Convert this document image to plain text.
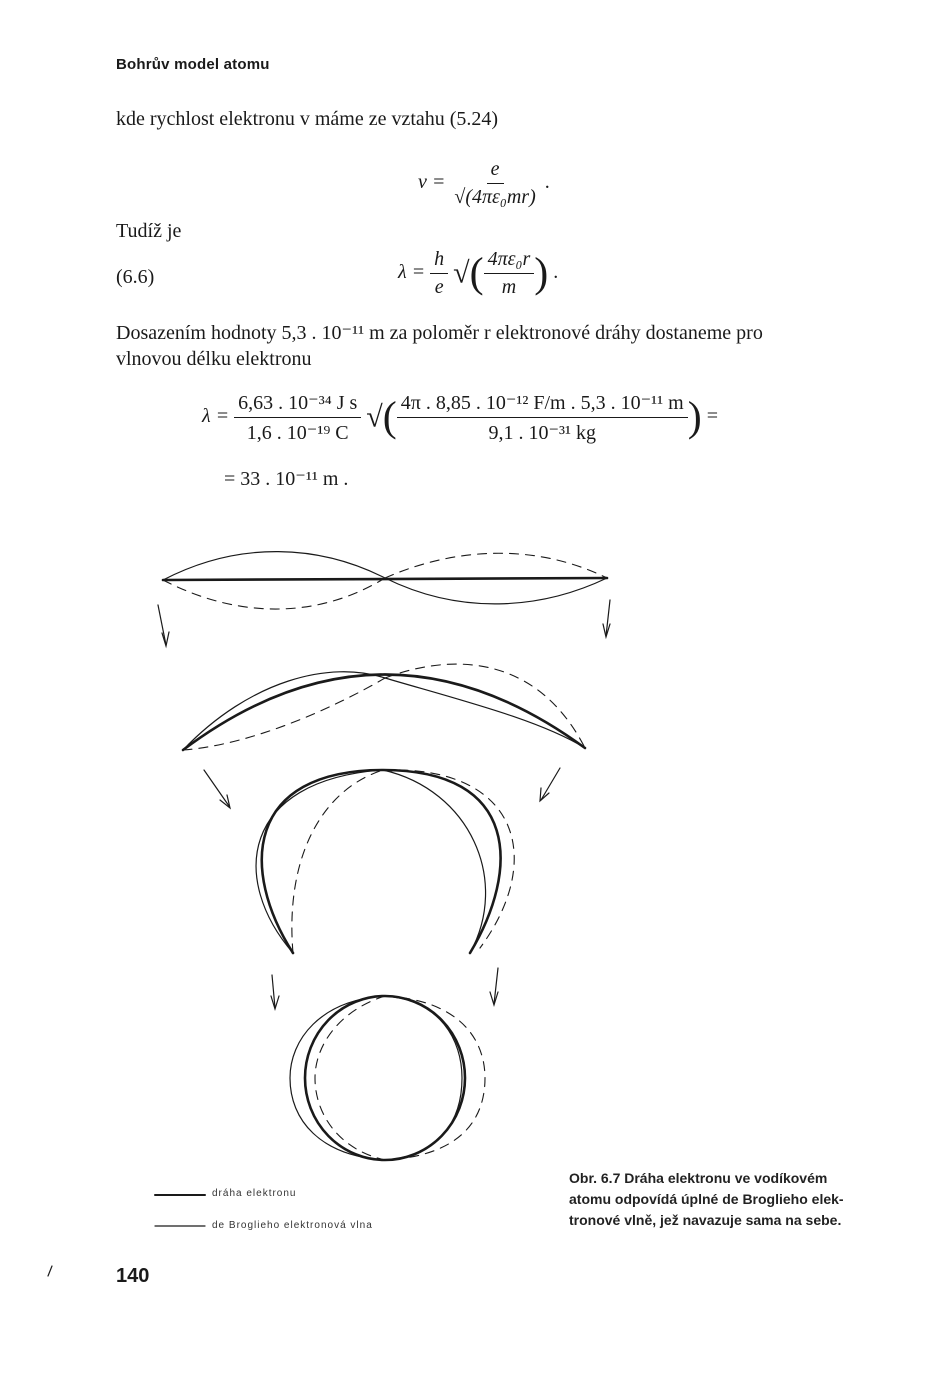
Bohrův model atomu
kde rychlost elektronu v máme ze vztahu (5.24)
$v = \frac{e}{\text{√(4πε₀mr)}}$ .
Tudíž je
(6.6)	$\lambda = \frac{h}{e}$ √( $\frac{\text{4πε₀r}}{m}$ ) .
Dosazením hodnoty 5,3 . 10⁻¹¹ m za poloměr r elektronové dráhy dostaneme pro
vlnovou délku elektronu
$\lambda = \frac{\text{6,63 . 10⁻³⁴ J s}}{\text{1,6 . 10⁻¹⁹ C}}$ √( $\frac{\text{4π . 8,85 . 10⁻¹² F/m . 5,3 . 10⁻¹¹ m}}{\text{9,1 . 10⁻³¹ kg}}$ ) =
= 33 . 10⁻¹¹ m .
dráha elektronu
de Broglieho elektronová vlna
Obr. 6.7 Dráha elektronu ve vodíkovém
atomu odpovídá úplné de Broglieho elek-
tronové vlně, jež navazuje sama na sebe.
140
